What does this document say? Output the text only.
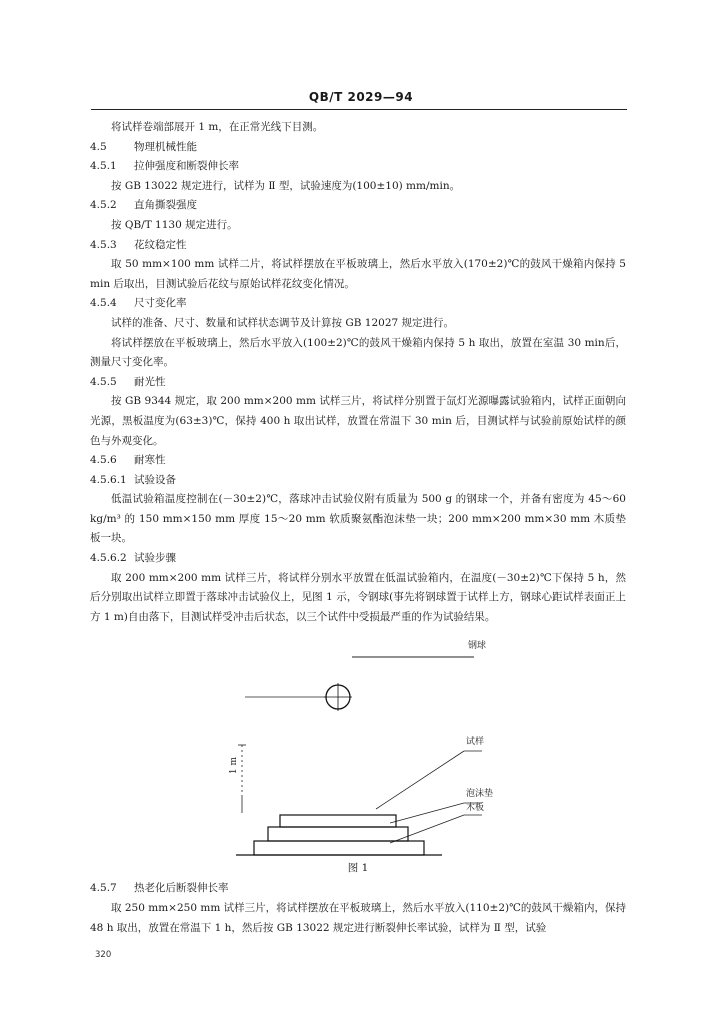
QB/T 2029—94

将试样卷端部展开 1 m，在正常光线下目测。

4.5	物理机械性能

4.5.1 拉伸强度和断裂伸长率

按 GB 13022 规定进行，试样为 Ⅱ 型，试验速度为(100±10) mm/min。

4.5.2 直角撕裂强度

按 QB/T 1130 规定进行。

4.5.3 花纹稳定性

取 50 mm×100 mm 试样二片，将试样摆放在平板玻璃上，然后水平放入(170±2)℃的鼓风干燥箱内保持 5 min 后取出，目测试验后花纹与原始试样花纹变化情况。

4.5.4 尺寸变化率

试样的准备、尺寸、数量和试样状态调节及计算按 GB 12027 规定进行。

将试样摆放在平板玻璃上，然后水平放入(100±2)℃的鼓风干燥箱内保持 5 h 取出，放置在室温 30 min后，测量尺寸变化率。

4.5.5 耐光性

按 GB 9344 规定，取 200 mm×200 mm 试样三片，将试样分别置于氙灯光源曝露试验箱内，试样正面朝向光源，黑板温度为(63±3)℃，保持 400 h 取出试样，放置在常温下 30 min 后，目测试样与试验前原始试样的颜色与外观变化。

4.5.6 耐寒性

4.5.6.1 试验设备

低温试验箱温度控制在(－30±2)℃，落球冲击试验仪附有质量为 500 g 的钢球一个，并备有密度为 45～60 kg/m³ 的 150 mm×150 mm 厚度 15～20 mm 软质聚氨酯泡沫垫一块；200 mm×200 mm×30 mm 木质垫板一块。

4.5.6.2 试验步骤

取 200 mm×200 mm 试样三片，将试样分别水平放置在低温试验箱内，在温度(－30±2)℃下保持 5 h，然后分别取出试样立即置于落球冲击试验仪上，见图 1 示，令钢球(事先将钢球置于试样上方，钢球心距试样表面正上方 1 m)自由落下，目测试样受冲击后状态，以三个试件中受损最严重的作为试验结果。

钢球
1 m
试样
泡沫垫
木板
图 1

4.5.7 热老化后断裂伸长率

取 250 mm×250 mm 试样三片，将试样摆放在平板玻璃上，然后水平放入(110±2)℃的鼓风干燥箱内，保持 48 h 取出，放置在常温下 1 h，然后按 GB 13022 规定进行断裂伸长率试验，试样为 Ⅱ 型，试验

320
